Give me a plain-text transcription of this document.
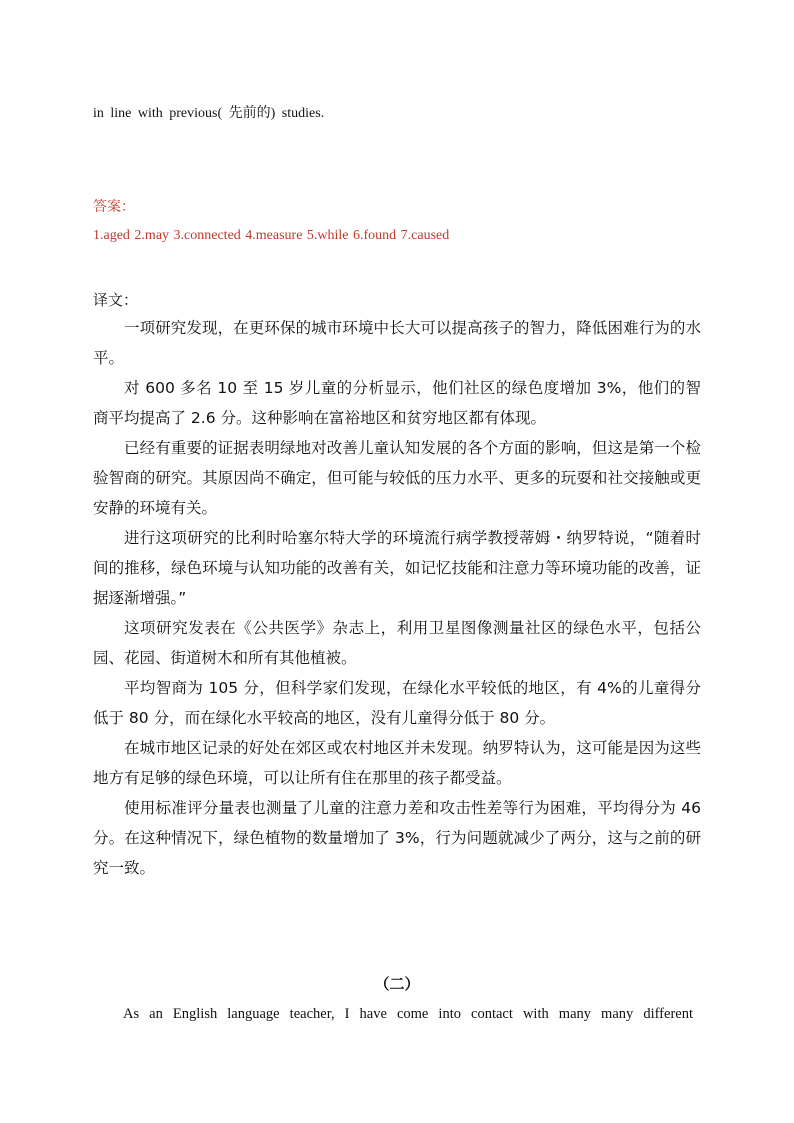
in line with previous( 先前的) studies.
答案：
1.aged 2.may 3.connected 4.measure 5.while 6.found 7.caused
译文：

一项研究发现，在更环保的城市环境中长大可以提高孩子的智力，降低困难行为的水平。

对 600 多名 10 至 15 岁儿童的分析显示，他们社区的绿色度增加 3%，他们的智商平均提高了 2.6 分。这种影响在富裕地区和贫穷地区都有体现。

已经有重要的证据表明绿地对改善儿童认知发展的各个方面的影响，但这是第一个检验智商的研究。其原因尚不确定，但可能与较低的压力水平、更多的玩耍和社交接触或更安静的环境有关。

进行这项研究的比利时哈塞尔特大学的环境流行病学教授蒂姆・纳罗特说，“随着时间的推移，绿色环境与认知功能的改善有关，如记忆技能和注意力等环境功能的改善，证据逐渐增强。”

这项研究发表在《公共医学》杂志上，利用卫星图像测量社区的绿色水平，包括公园、花园、街道树木和所有其他植被。

平均智商为 105 分，但科学家们发现，在绿化水平较低的地区，有 4%的儿童得分低于 80 分，而在绿化水平较高的地区，没有儿童得分低于 80 分。

在城市地区记录的好处在郊区或农村地区并未发现。纳罗特认为，这可能是因为这些地方有足够的绿色环境，可以让所有住在那里的孩子都受益。

使用标准评分量表也测量了儿童的注意力差和攻击性差等行为困难，平均得分为 46 分。在这种情况下，绿色植物的数量增加了 3%，行为问题就减少了两分，这与之前的研究一致。

（二）
As an English language teacher, I have come into contact with many many different
